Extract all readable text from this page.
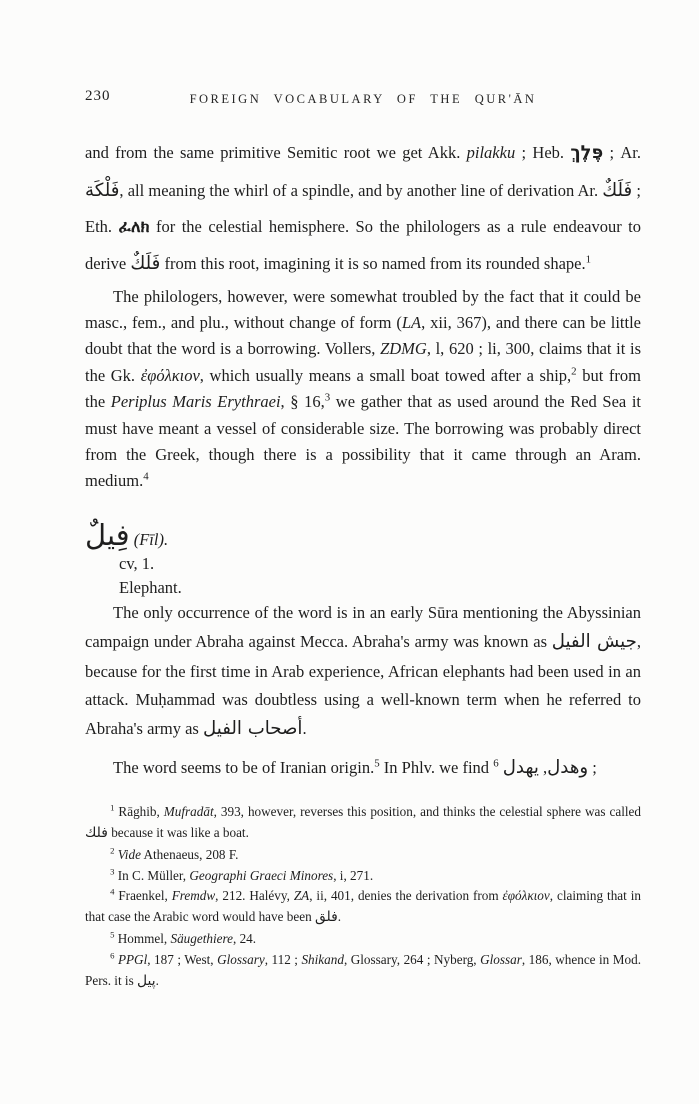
230	FOREIGN VOCABULARY OF THE QUR'ĀN

and from the same primitive Semitic root we get Akk. pilakku ; Heb. פֶּלֶךְ ; Ar. فَلْكَة, all meaning the whirl of a spindle, and by another line of derivation Ar. فَلَكٌ ; Eth. ፈለክ for the celestial hemisphere. So the philologers as a rule endeavour to derive فَلَكٌ from this root, imagining it is so named from its rounded shape.$^1$

The philologers, however, were somewhat troubled by the fact that it could be masc., fem., and plu., without change of form (LA, xii, 367), and there can be little doubt that the word is a borrowing. Vollers, ZDMG, l, 620 ; li, 300, claims that it is the Gk. ἐφόλκιον, which usually means a small boat towed after a ship,$^2$ but from the Periplus Maris Erythraei, § 16,$^3$ we gather that as used around the Red Sea it must have meant a vessel of considerable size. The borrowing was probably direct from the Greek, though there is a possibility that it came through an Aram. medium.$^4$

فِيلٌ (Fīl).

cv, 1.

Elephant.

The only occurrence of the word is in an early Sūra mentioning the Abyssinian campaign under Abraha against Mecca. Abraha's army was known as جيش الفيل, because for the first time in Arab experience, African elephants had been used in an attack. Muḥammad was doubtless using a well-known term when he referred to Abraha's army as أصحاب الفيل.

The word seems to be of Iranian origin.$^5$ In Phlv. we find	وهدل, یهدل $^6$	;

$^1$ Rāghib, Mufradāt, 393, however, reverses this position, and thinks the celestial sphere was called فلك because it was like a boat.

$^2$ Vide Athenaeus, 208 F.

$^3$ In C. Müller, Geographi Graeci Minores, i, 271.

$^4$ Fraenkel, Fremdw, 212. Halévy, ZA, ii, 401, denies the derivation from ἐφόλκιον, claiming that in that case the Arabic word would have been فلق.

$^5$ Hommel, Säugethiere, 24.

$^6$ PPGl, 187 ; West, Glossary, 112 ; Shikand, Glossary, 264 ; Nyberg, Glossar, 186, whence in Mod. Pers. it is پيل.
